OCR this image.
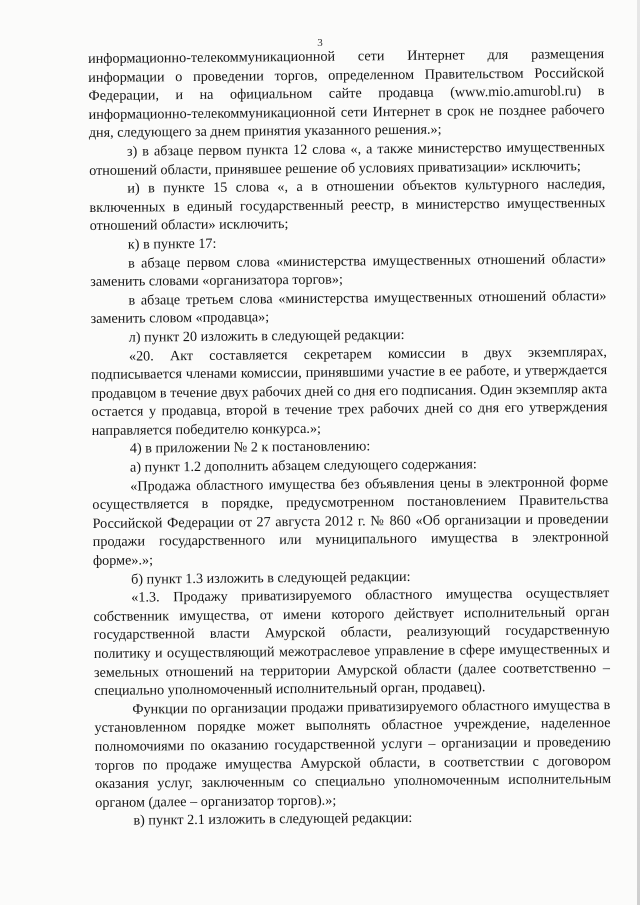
3

информационно-телекоммуникационной сети Интернет для размещения информации о проведении торгов, определенном Правительством Российской Федерации, и на официальном сайте продавца (www.mio.amurobl.ru) в информационно-телекоммуникационной сети Интернет в срок не позднее рабочего дня, следующего за днем принятия указанного решения.»;

з) в абзаце первом пункта 12 слова «, а также министерство имущественных отношений области, принявшее решение об условиях приватизации» исключить;

и) в пункте 15 слова «, а в отношении объектов культурного наследия, включенных в единый государственный реестр, в министерство имущественных отношений области» исключить;

к) в пункте 17:

в абзаце первом слова «министерства имущественных отношений области» заменить словами «организатора торгов»;

в абзаце третьем слова «министерства имущественных отношений области» заменить словом «продавца»;

л) пункт 20 изложить в следующей редакции:

«20. Акт составляется секретарем комиссии в двух экземплярах, подписывается членами комиссии, принявшими участие в ее работе, и утверждается продавцом в течение двух рабочих дней со дня его подписания. Один экземпляр акта остается у продавца, второй в течение трех рабочих дней со дня его утверждения направляется победителю конкурса.»;

4) в приложении № 2 к постановлению:

а) пункт 1.2 дополнить абзацем следующего содержания:

«Продажа областного имущества без объявления цены в электронной форме осуществляется в порядке, предусмотренном постановлением Правительства Российской Федерации от 27 августа 2012 г. № 860 «Об организации и проведении продажи государственного или муниципального имущества в электронной форме».»;

б) пункт 1.3 изложить в следующей редакции:

«1.3. Продажу приватизируемого областного имущества осуществляет собственник имущества, от имени которого действует исполнительный орган государственной власти Амурской области, реализующий государственную политику и осуществляющий межотраслевое управление в сфере имущественных и земельных отношений на территории Амурской области (далее соответственно – специально уполномоченный исполнительный орган, продавец).

Функции по организации продажи приватизируемого областного имущества в установленном порядке может выполнять областное учреждение, наделенное полномочиями по оказанию государственной услуги – организации и проведению торгов по продаже имущества Амурской области, в соответствии с договором оказания услуг, заключенным со специально уполномоченным исполнительным органом (далее – организатор торгов).»;

в) пункт 2.1 изложить в следующей редакции:
